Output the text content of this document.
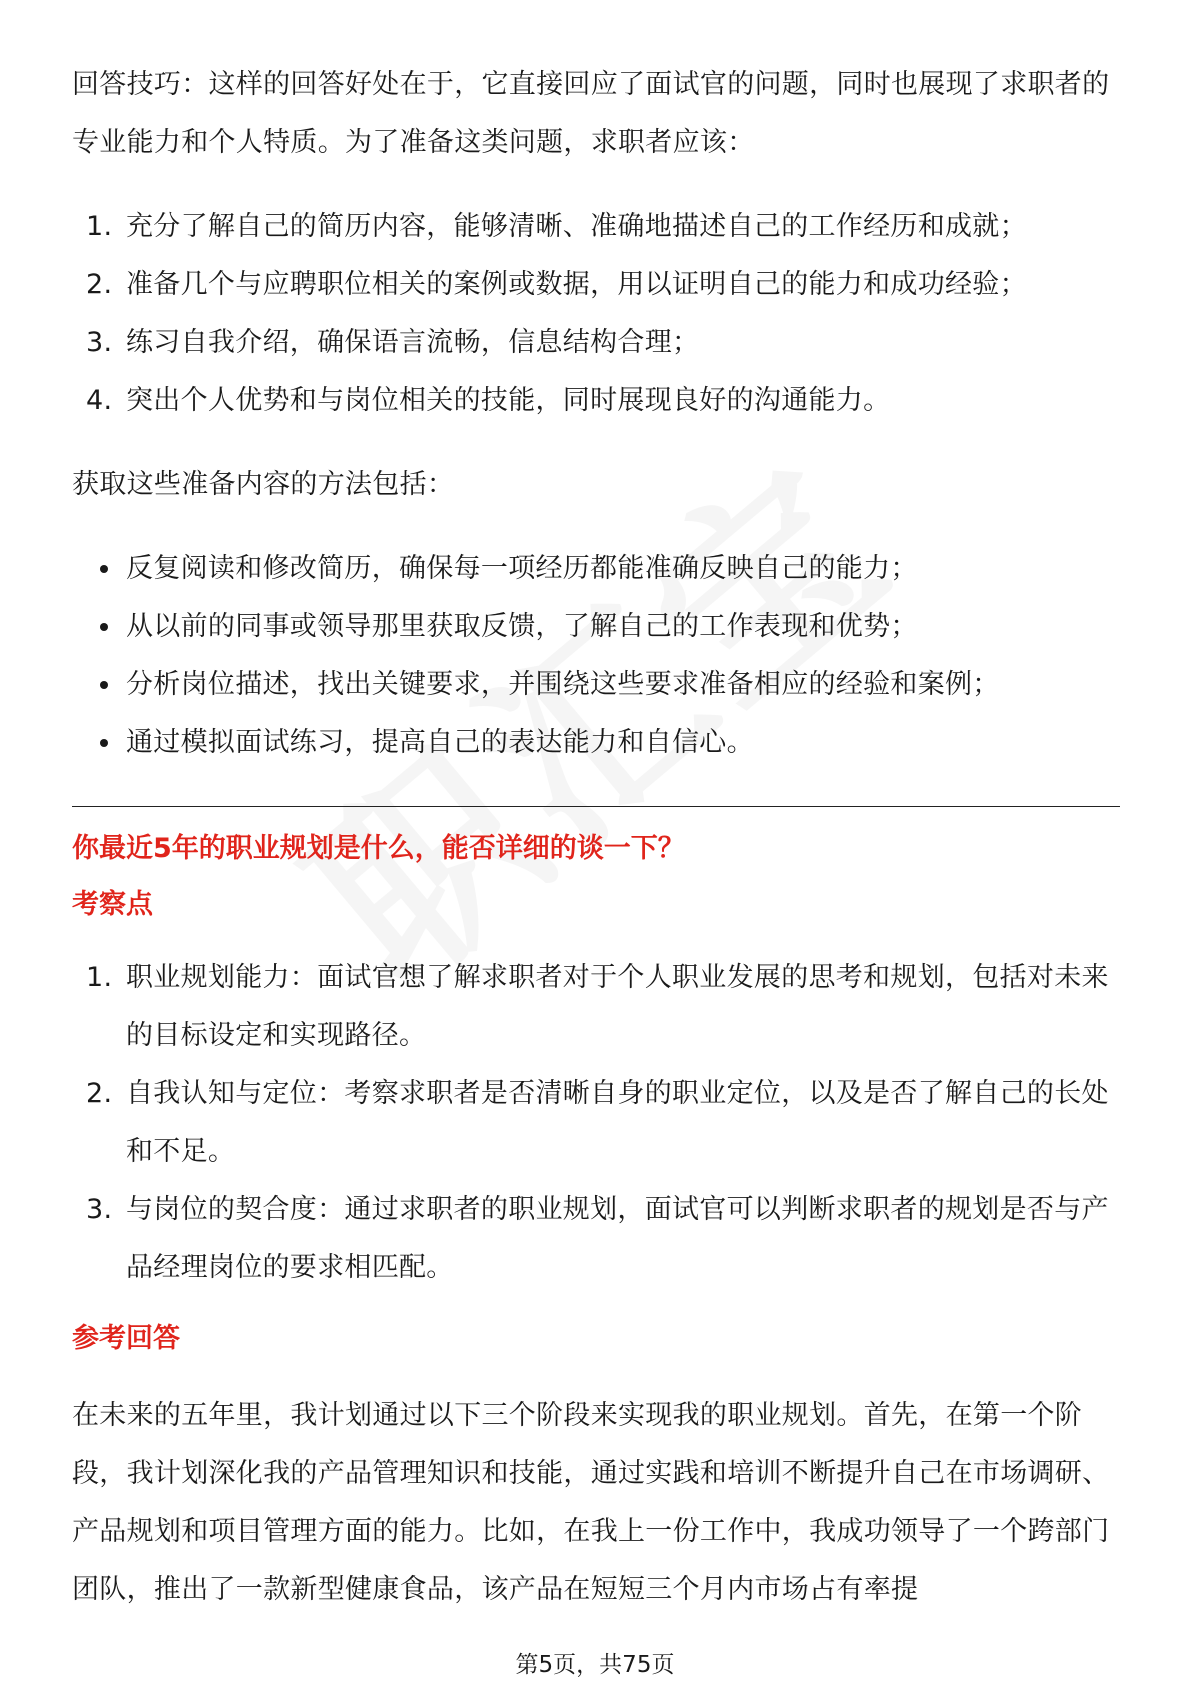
回答技巧：这样的回答好处在于，它直接回应了面试官的问题，同时也展现了求职者的专业能力和个人特质。为了准备这类问题，求职者应该：

1. 充分了解自己的简历内容，能够清晰、准确地描述自己的工作经历和成就；
2. 准备几个与应聘职位相关的案例或数据，用以证明自己的能力和成功经验；
3. 练习自我介绍，确保语言流畅，信息结构合理；
4. 突出个人优势和与岗位相关的技能，同时展现良好的沟通能力。

获取这些准备内容的方法包括：

反复阅读和修改简历，确保每一项经历都能准确反映自己的能力；
从以前的同事或领导那里获取反馈，了解自己的工作表现和优势；
分析岗位描述，找出关键要求，并围绕这些要求准备相应的经验和案例；
通过模拟面试练习，提高自己的表达能力和自信心。

你最近5年的职业规划是什么，能否详细的谈一下？

考察点

1. 职业规划能力：面试官想了解求职者对于个人职业发展的思考和规划，包括对未来的目标设定和实现路径。
2. 自我认知与定位：考察求职者是否清晰自身的职业定位，以及是否了解自己的长处和不足。
3. 与岗位的契合度：通过求职者的职业规划，面试官可以判断求职者的规划是否与产品经理岗位的要求相匹配。

参考回答

在未来的五年里，我计划通过以下三个阶段来实现我的职业规划。首先，在第一个阶段，我计划深化我的产品管理知识和技能，通过实践和培训不断提升自己在市场调研、产品规划和项目管理方面的能力。比如，在我上一份工作中，我成功领导了一个跨部门团队，推出了一款新型健康食品，该产品在短短三个月内市场占有率提

第5页，共75页
